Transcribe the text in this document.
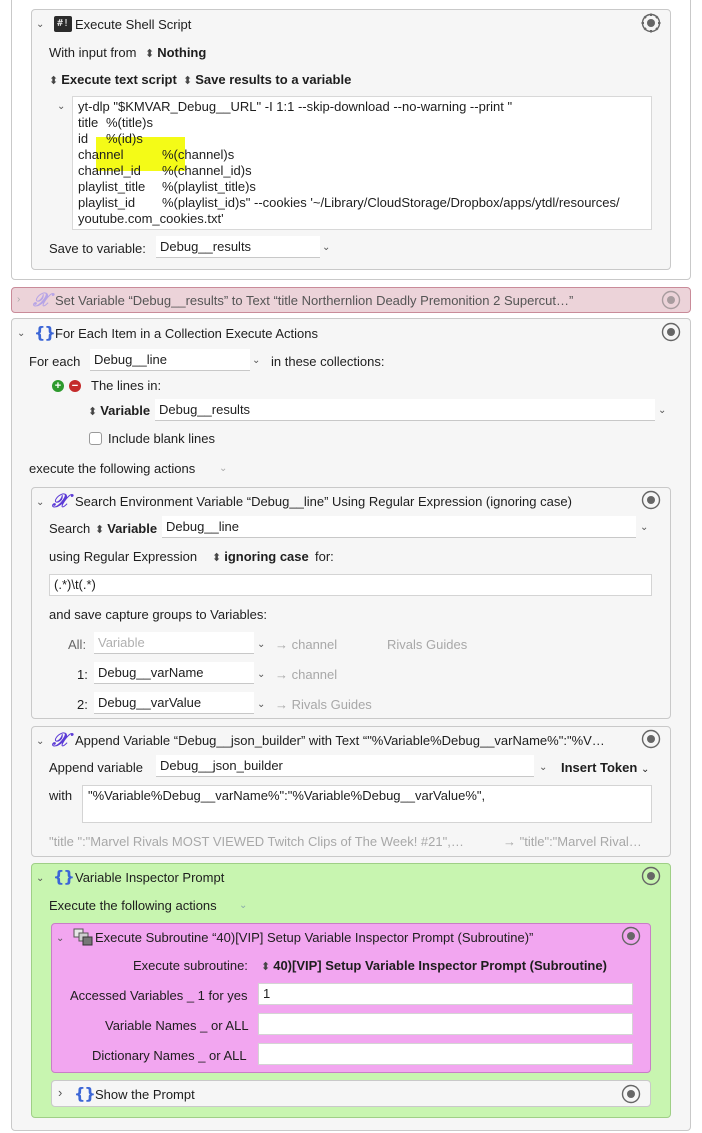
⌄ #! Execute Shell Script
With input from ⬍ Nothing
⬍ Execute text script ⬍ Save results to a variable
⌄ yt-dlp "$KMVAR_Debug__URL" -I 1:1 --skip-download --no-warning --print "
title %(title)s
id %(id)s
channel	%(channel)s
channel_id %(channel_id)s
playlist_title %(playlist_title)s
playlist_id %(playlist_id)s" --cookies '~/Library/CloudStorage/Dropbox/apps/ytdl/resources/
youtube.com_cookies.txt'
Save to variable:	Debug__results	⌄
› 𝒳 Set Variable “Debug__results” to Text “title Northernlion Deadly Premonition 2 Supercut…”
⌄ {} For Each Item in a Collection Execute Actions
For each	Debug__line	⌄ in these collections:
+ − The lines in:
⬍ Variable Debug__results	⌄
Include blank lines
execute the following actions ⌄
⌄ 𝒳 Search Environment Variable “Debug__line” Using Regular Expression (ignoring case)
Search ⬍ Variable Debug__line	⌄
using Regular Expression ⬍ ignoring case for:
(.*)\t(.*)
and save capture groups to Variables:
All: Variable	⌄ → channel	Rivals Guides
1: Debug__varName	⌄ → channel
2: Debug__varValue	⌄ → Rivals Guides
⌄ 𝒳 Append Variable “Debug__json_builder” with Text “"%Variable%Debug__varName%":"%V…
Append variable	Debug__json_builder	⌄ Insert Token ⌄
with	"%Variable%Debug__varName%":"%Variable%Debug__varValue%",
"title ":"Marvel Rivals MOST VIEWED Twitch Clips of The Week! #21",…	→ "title":"Marvel Rival…
⌄ {} Variable Inspector Prompt
Execute the following actions ⌄
⌄ Execute Subroutine “40)[VIP] Setup Variable Inspector Prompt (Subroutine)”
Execute subroutine: ⬍ 40)[VIP] Setup Variable Inspector Prompt (Subroutine)
Accessed Variables _ 1 for yes	1
Variable Names _ or ALL
Dictionary Names _ or ALL
› {} Show the Prompt
